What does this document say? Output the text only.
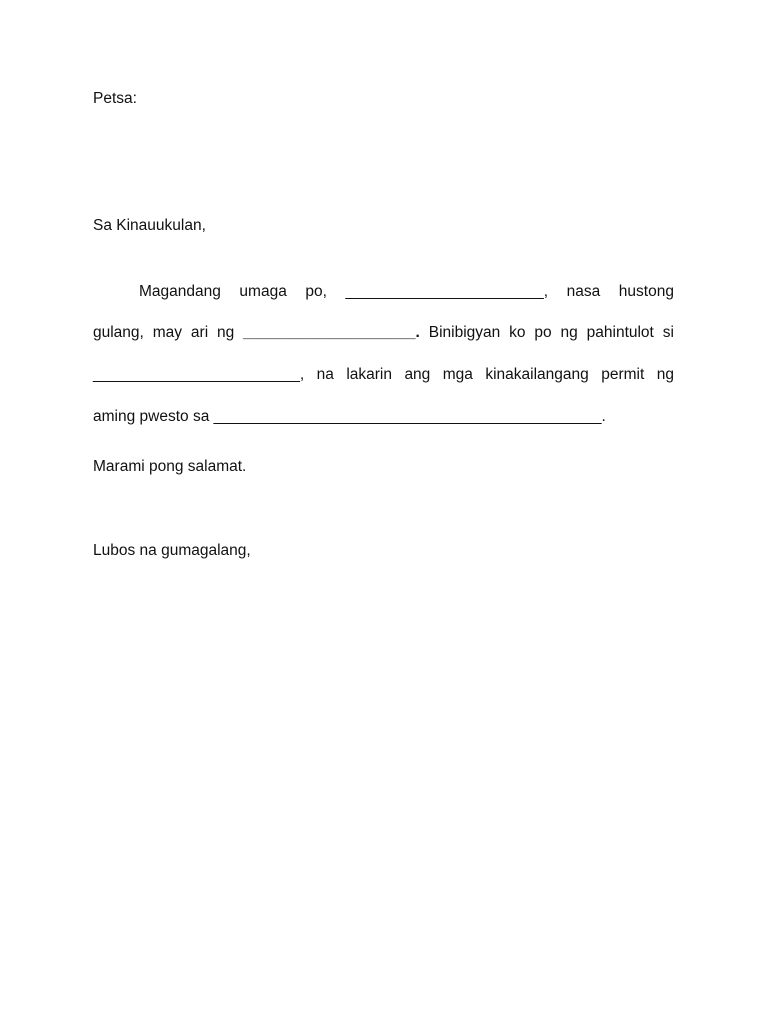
Petsa:
Sa Kinauukulan,
Magandang umaga po, _______________________, nasa hustong
gulang, may ari ng ____________________. Binibigyan ko po ng pahintulot si
________________________, na lakarin ang mga kinakailangang permit ng
aming pwesto sa _____________________________________________.
Marami pong salamat.
Lubos na gumagalang,
